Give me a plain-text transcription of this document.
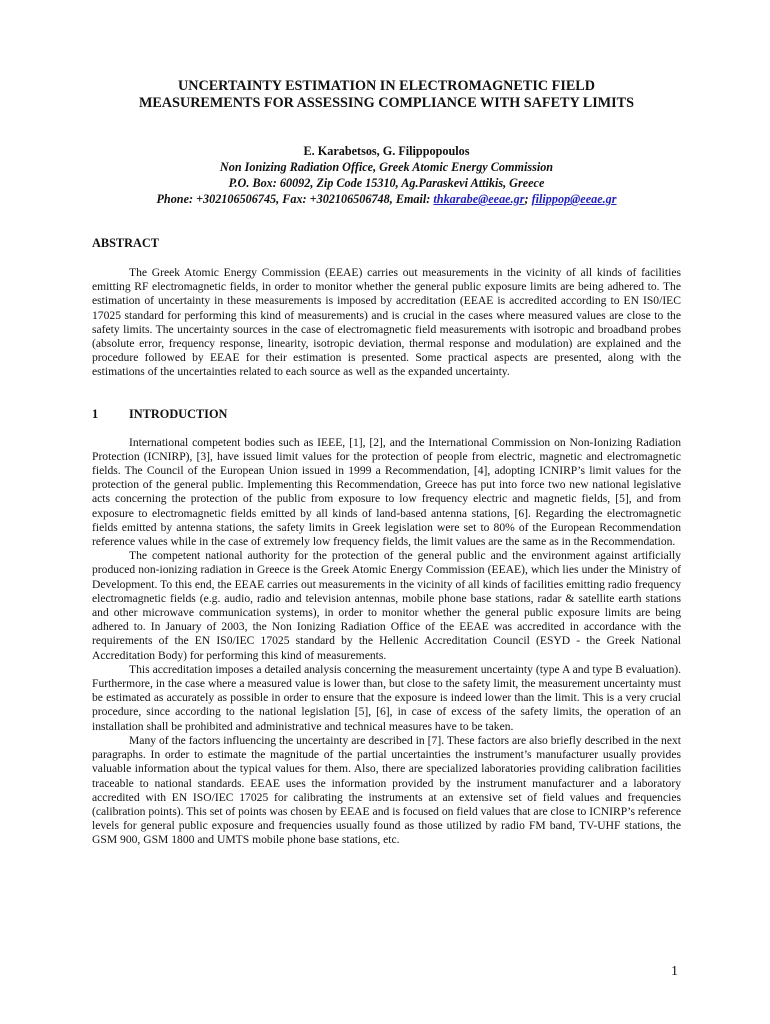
UNCERTAINTY ESTIMATION IN ELECTROMAGNETIC FIELD
MEASUREMENTS FOR ASSESSING COMPLIANCE WITH SAFETY LIMITS

E. Karabetsos, G. Filippopoulos
Non Ionizing Radiation Office, Greek Atomic Energy Commission
P.O. Box: 60092, Zip Code 15310, Ag.Paraskevi Attikis, Greece
Phone: +302106506745, Fax: +302106506748, Email: thkarabe@eeae.gr; filippop@eeae.gr
ABSTRACT

The Greek Atomic Energy Commission (EEAE) carries out measurements in the vicinity of all kinds of facilities emitting RF electromagnetic fields, in order to monitor whether the general public exposure limits are being adhered to. The estimation of uncertainty in these measurements is imposed by accreditation (EEAE is accredited according to EN IS0/IEC 17025 standard for performing this kind of measurements) and is crucial in the cases where measured values are close to the safety limits. The uncertainty sources in the case of electromagnetic field measurements with isotropic and broadband probes (absolute error, frequency response, linearity, isotropic deviation, thermal response and modulation) are explained and the procedure followed by EEAE for their estimation is presented. Some practical aspects are presented, along with the estimations of the uncertainties related to each source as well as the expanded uncertainty.

1	INTRODUCTION

International competent bodies such as IEEE, [1], [2], and the International Commission on Non-Ionizing Radiation Protection (ICNIRP), [3], have issued limit values for the protection of people from electric, magnetic and electromagnetic fields. The Council of the European Union issued in 1999 a Recommendation, [4], adopting ICNIRP’s limit values for the protection of the general public. Implementing this Recommendation, Greece has put into force two new national legislative acts concerning the protection of the public from exposure to low frequency electric and magnetic fields, [5], and from exposure to electromagnetic fields emitted by all kinds of land-based antenna stations, [6]. Regarding the electromagnetic fields emitted by antenna stations, the safety limits in Greek legislation were set to 80% of the European Recommendation reference values while in the case of extremely low frequency fields, the limit values are the same as in the Recommendation.

The competent national authority for the protection of the general public and the environment against artificially produced non-ionizing radiation in Greece is the Greek Atomic Energy Commission (EEAE), which lies under the Ministry of Development. To this end, the EEAE carries out measurements in the vicinity of all kinds of facilities emitting radio frequency electromagnetic fields (e.g. audio, radio and television antennas, mobile phone base stations, radar & satellite earth stations and other microwave communication systems), in order to monitor whether the general public exposure limits are being adhered to. In January of 2003, the Non Ionizing Radiation Office of the EEAE was accredited in accordance with the requirements of the EN IS0/IEC 17025 standard by the Hellenic Accreditation Council (ESYD - the Greek National Accreditation Body) for performing this kind of measurements.

This accreditation imposes a detailed analysis concerning the measurement uncertainty (type A and type B evaluation). Furthermore, in the case where a measured value is lower than, but close to the safety limit, the measurement uncertainty must be estimated as accurately as possible in order to ensure that the exposure is indeed lower than the limit. This is a very crucial procedure, since according to the national legislation [5], [6], in case of excess of the safety limits, the operation of an installation shall be prohibited and administrative and technical measures have to be taken.

Many of the factors influencing the uncertainty are described in [7]. These factors are also briefly described in the next paragraphs. In order to estimate the magnitude of the partial uncertainties the instrument’s manufacturer usually provides valuable information about the typical values for them. Also, there are specialized laboratories providing calibration facilities traceable to national standards. EEAE uses the information provided by the instrument manufacturer and a laboratory accredited with EN ISO/IEC 17025 for calibrating the instruments at an extensive set of field values and frequencies (calibration points). This set of points was chosen by EEAE and is focused on field values that are close to ICNIRP’s reference levels for general public exposure and frequencies usually found as those utilized by radio FM band, TV-UHF stations, the GSM 900, GSM 1800 and UMTS mobile phone base stations, etc.

1
